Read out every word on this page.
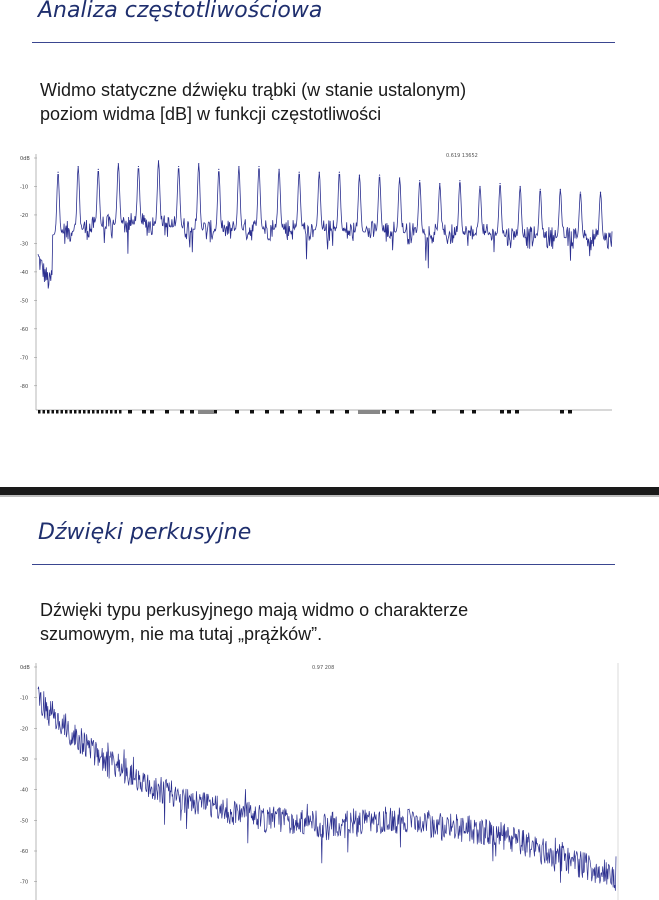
Analiza częstotliwościowa
Widmo statyczne dźwięku trąbki (w stanie ustalonym)
poziom widma [dB] w funkcji częstotliwości
0.619 13652
0dB
-10
-20
-30
-40
-50
-60
-70
-80
Dźwięki perkusyjne
Dźwięki typu perkusyjnego mają widmo o charakterze
szumowym, nie ma tutaj „prążków”.
0.97 208
0dB
-10
-20
-30
-40
-50
-60
-70
